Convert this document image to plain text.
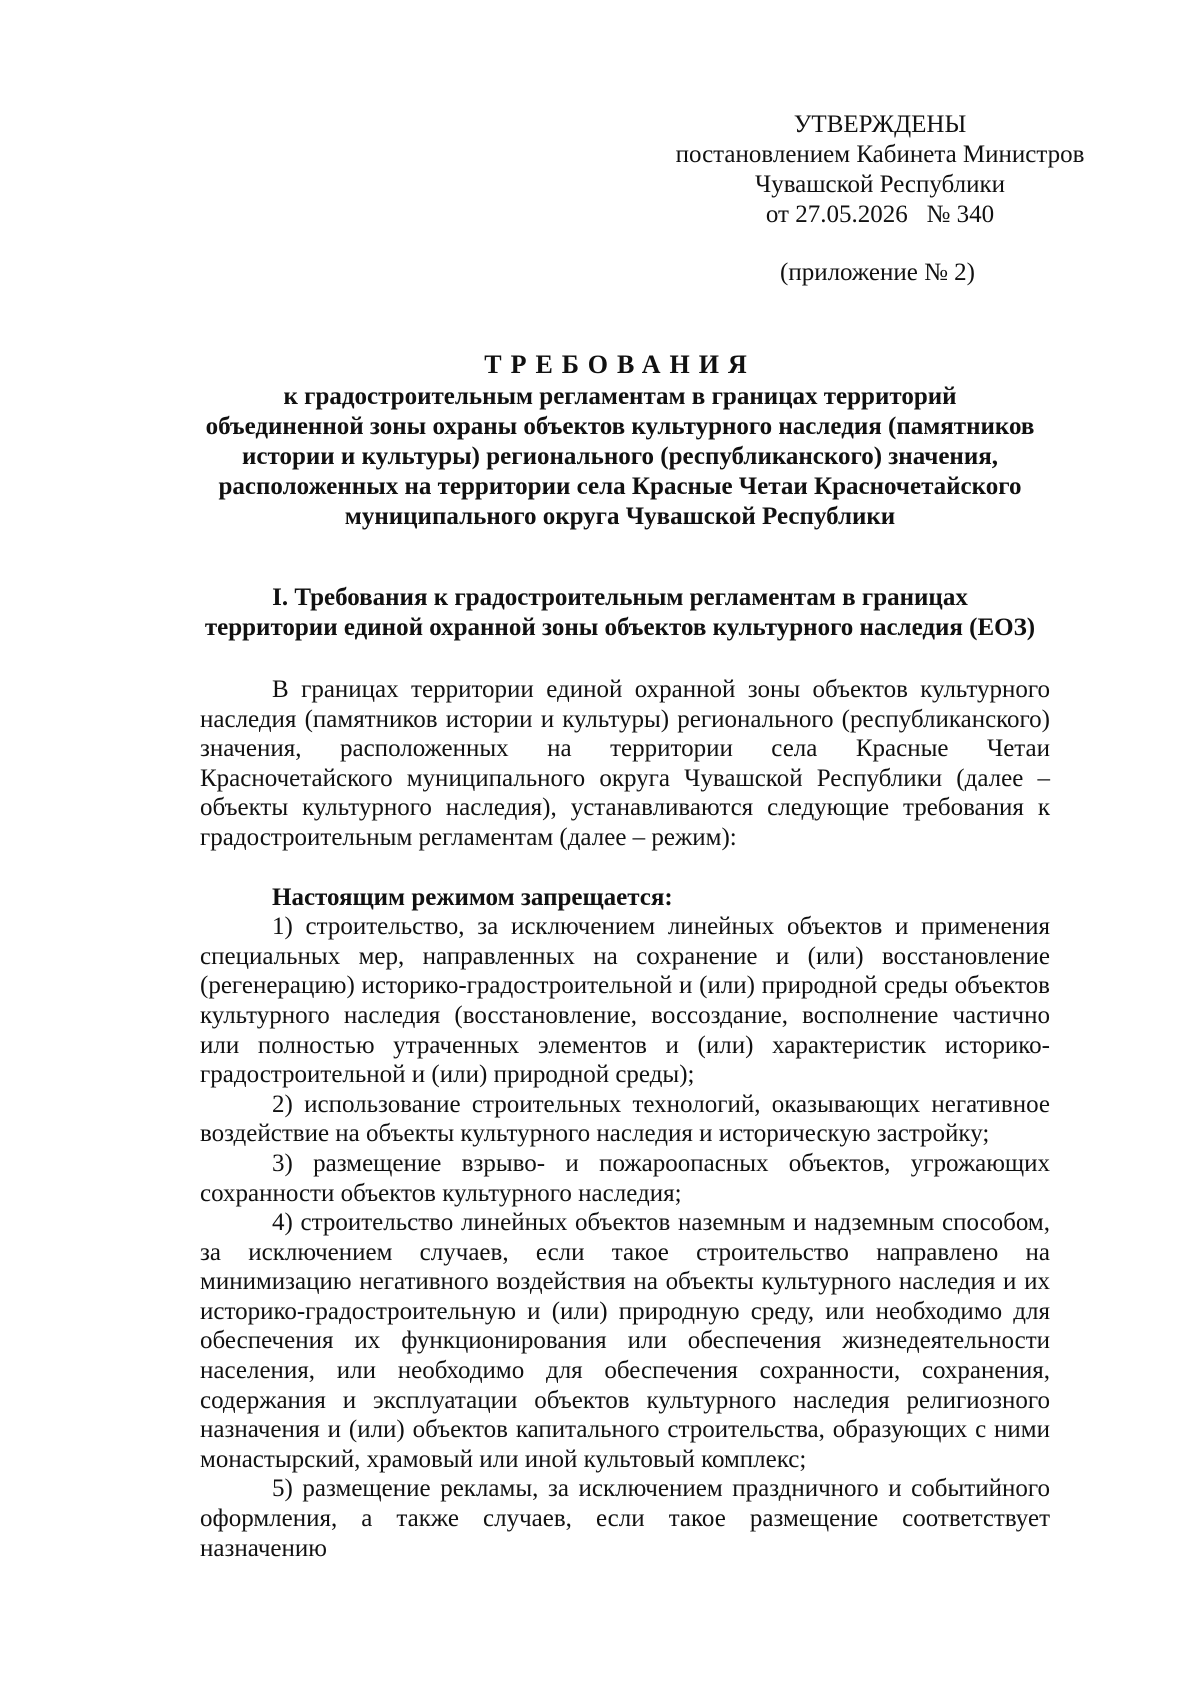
УТВЕРЖДЕНЫ
постановлением Кабинета Министров
Чувашской Республики
от 27.05.2026   № 340
(приложение № 2)
ТРЕБОВАНИЯ
к градостроительным регламентам в границах территорий
объединенной зоны охраны объектов культурного наследия (памятников
истории и культуры) регионального (республиканского) значения,
расположенных на территории села Красные Четаи Красночетайского
муниципального округа Чувашской Республики
I. Требования к градостроительным регламентам в границах
территории единой охранной зоны объектов культурного наследия (ЕОЗ)

В границах территории единой охранной зоны объектов культурного наследия (памятников истории и культуры) регионального (республиканского) значения, расположенных на территории села Красные Четаи Красночетайского муниципального округа Чувашской Республики (далее – объекты культурного наследия), устанавливаются следующие требования к градостроительным регламентам (далее – режим):

Настоящим режимом запрещается:

1) строительство, за исключением линейных объектов и применения специальных мер, направленных на сохранение и (или) восстановление (регенерацию) историко-градостроительной и (или) природной среды объектов культурного наследия (восстановление, воссоздание, восполнение частично или полностью утраченных элементов и (или) характеристик историко-градостроительной и (или) природной среды);

2) использование строительных технологий, оказывающих негативное воздействие на объекты культурного наследия и историческую застройку;

3) размещение взрыво- и пожароопасных объектов, угрожающих сохранности объектов культурного наследия;

4) строительство линейных объектов наземным и надземным способом, за исключением случаев, если такое строительство направлено на минимизацию негативного воздействия на объекты культурного наследия и их историко-градостроительную и (или) природную среду, или необходимо для обеспечения их функционирования или обеспечения жизнедеятельности населения, или необходимо для обеспечения сохранности, сохранения, содержания и эксплуатации объектов культурного наследия религиозного назначения и (или) объектов капитального строительства, образующих с ними монастырский, храмовый или иной культовый комплекс;

5) размещение рекламы, за исключением праздничного и событийного оформления, а также случаев, если такое размещение соответствует назначению
